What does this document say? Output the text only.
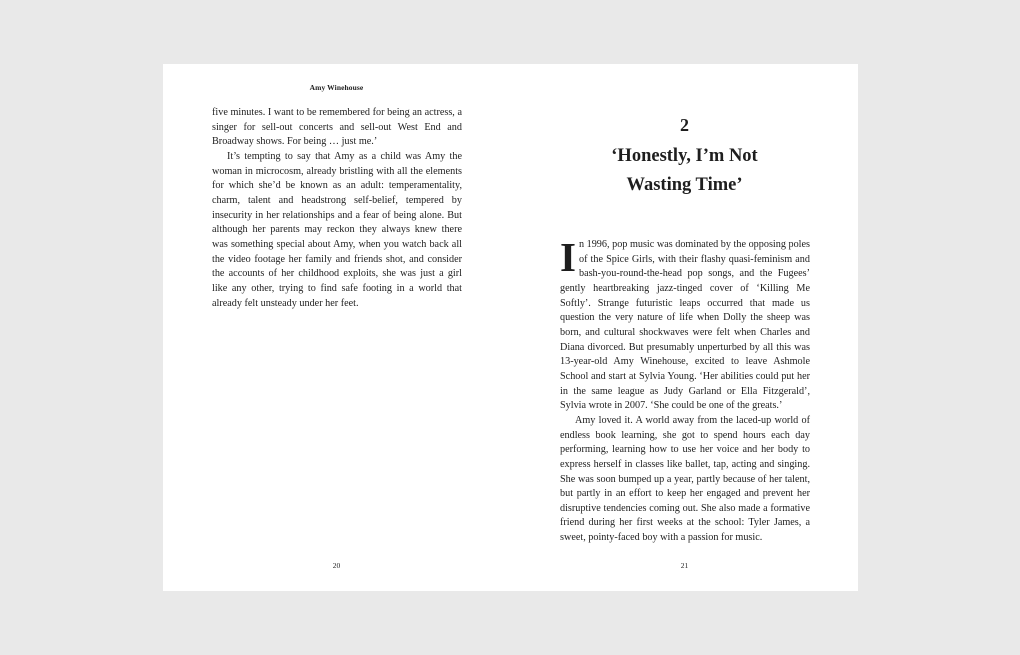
Amy Winehouse

five minutes. I want to be remembered for being an actress, a singer for sell-out concerts and sell-out West End and Broadway shows. For being … just me.’

It’s tempting to say that Amy as a child was Amy the woman in microcosm, already bristling with all the elements for which she’d be known as an adult: temperamentality, charm, talent and headstrong self-belief, tempered by insecurity in her relationships and a fear of being alone. But although her parents may reckon they always knew there was something special about Amy, when you watch back all the video footage her family and friends shot, and consider the accounts of her childhood exploits, she was just a girl like any other, trying to find safe footing in a world that already felt unsteady under her feet.

20
2
‘Honestly, I’m Not
Wasting Time’

In 1996, pop music was dominated by the opposing poles of the Spice Girls, with their flashy quasi-feminism and bash-you-round-the-head pop songs, and the Fugees’ gently heartbreaking jazz-tinged cover of ‘Killing Me Softly’. Strange futuristic leaps occurred that made us question the very nature of life when Dolly the sheep was born, and cultural shockwaves were felt when Charles and Diana divorced. But presumably unperturbed by all this was 13-year-old Amy Winehouse, excited to leave Ashmole School and start at Sylvia Young. ‘Her abilities could put her in the same league as Judy Garland or Ella Fitzgerald’, Sylvia wrote in 2007. ‘She could be one of the greats.’

Amy loved it. A world away from the laced-up world of endless book learning, she got to spend hours each day performing, learning how to use her voice and her body to express herself in classes like ballet, tap, acting and singing. She was soon bumped up a year, partly because of her talent, but partly in an effort to keep her engaged and prevent her disruptive tendencies coming out. She also made a formative friend during her first weeks at the school: Tyler James, a sweet, pointy-faced boy with a passion for music.

21
